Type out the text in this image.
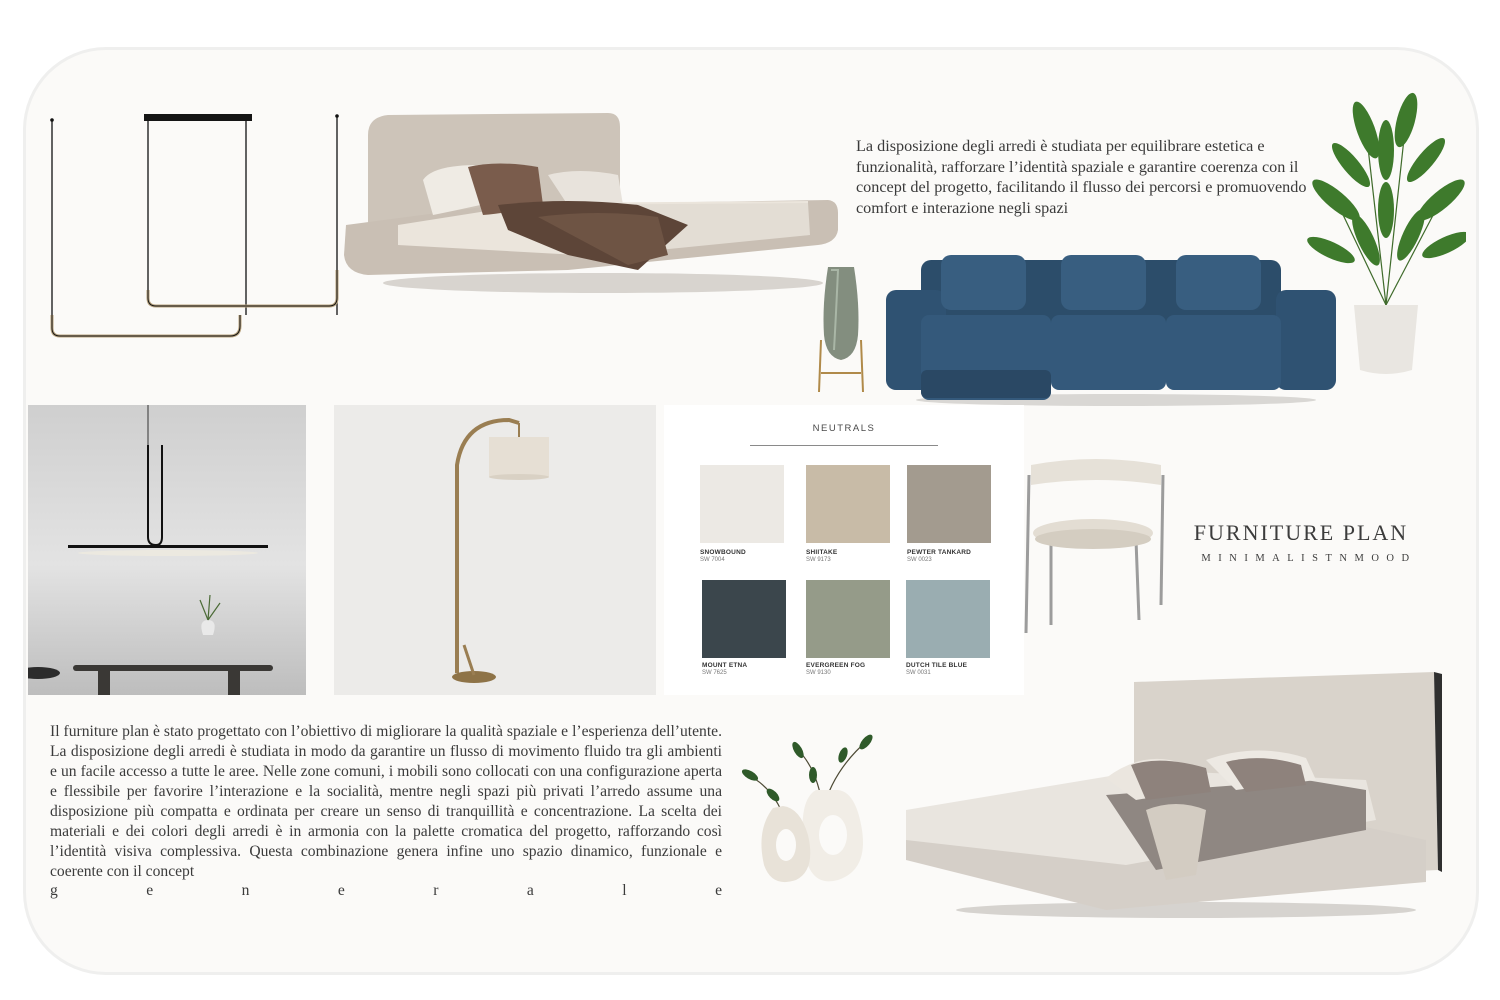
La disposizione degli arredi è studiata per equilibrare estetica e funzionalità, rafforzare l’identità spaziale e garantire coerenza con il concept del progetto, facilitando il flusso dei percorsi e promuovendo comfort e interazione negli spazi
NEUTRALS
SNOWBOUND
SW 7004
SHIITAKE
SW 9173
PEWTER TANKARD
SW 0023
MOUNT ETNA
SW 7625
EVERGREEN FOG
SW 9130
DUTCH TILE BLUE
SW 0031
FURNITURE PLAN
MINIMALISTNMOOD
Il furniture plan è stato progettato con l’obiettivo di migliorare la qualità spaziale e l’esperienza dell’utente. La disposizione degli arredi è studiata in modo da garantire un flusso di movimento fluido tra gli ambienti e un facile accesso a tutte le aree. Nelle zone comuni, i mobili sono collocati con una configurazione aperta e flessibile per favorire l’interazione e la socialità, mentre negli spazi più privati l’arredo assume una disposizione più compatta e ordinata per creare un senso di tranquillità e concentrazione. La scelta dei materiali e dei colori degli arredi è in armonia con la palette cromatica del progetto, rafforzando così l’identità visiva complessiva. Questa combinazione genera infine uno spazio dinamico, funzionale e coerente con il concept
g	e	n	e	r	a	l	e
